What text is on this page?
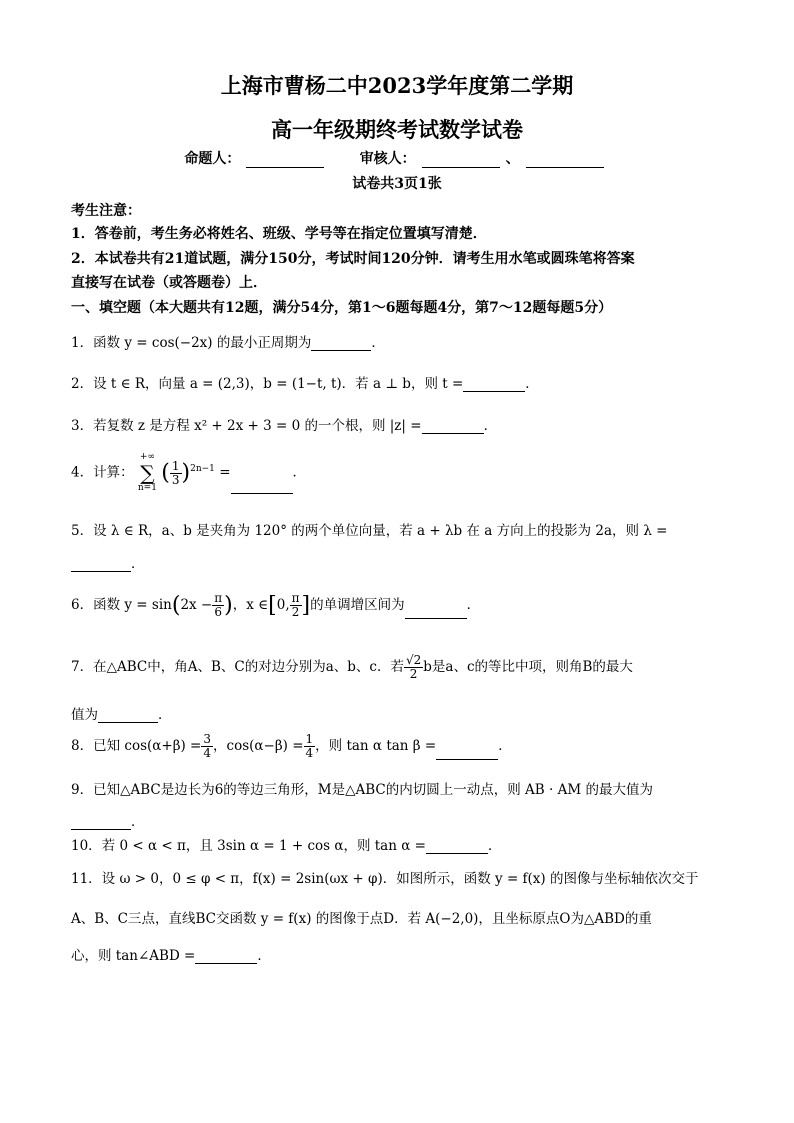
上海市曹杨二中2023学年度第二学期
高一年级期终考试数学试卷
命题人：	审核人：	、
试卷共3页1张
考生注意：
1．答卷前，考生务必将姓名、班级、学号等在指定位置填写清楚．
2．本试卷共有21道试题，满分150分，考试时间120分钟．请考生用水笔或圆珠笔将答案
直接写在试卷（或答题卷）上．
一、填空题（本大题共有12题，满分54分，第1～6题每题4分，第7～12题每题5分）
1．函数 y = cos(−2x) 的最小正周期为	．
2．设 t ∈ R，向量 a = (2,3)，b = (1−t, t)．若 a ⊥ b，则 t =	．
3．若复数 z 是方程 x² + 2x + 3 = 0 的一个根，则 |z| =	．
4．计算：
+∞
∑
n=1
( $\frac{1}{3} )^{2n-1}$ =	．
5．设 λ ∈ R，a、b 是夹角为 120° 的两个单位向量，若 a + λb 在 a 方向上的投影为 2a，则 λ =
．
6．函数 $y = \sin(2x - \frac{\pi}{6}$ )，x ∈[0, $\frac{\pi}{2}$ ]的单调增区间为	．
7．在△ABC中，角A、B、C的对边分别为a、b、c．若 $\frac{√2}{2}$ b是a、c的等比中项，则角B的最大
值为	．
8．已知 $\cos(\alpha+\beta) = \frac{3}{4}$ ，$\cos(\alpha-\beta) = \frac{1}{4}$ ，则 tan α tan β =	．
9．已知△ABC是边长为6的等边三角形，M是△ABC的内切圆上一动点，则 AB · AM 的最大值为
．
10．若 0 < α < π，且 3sin α = 1 + cos α，则 tan α =	．
11．设 ω > 0，0 ≤ φ < π，f(x) = 2sin(ωx + φ)．如图所示，函数 y = f(x) 的图像与坐标轴依次交于
A、B、C三点，直线BC交函数 y = f(x) 的图像于点D．若 A(−2,0)，且坐标原点O为△ABD的重
心，则 tan∠ABD =	．
